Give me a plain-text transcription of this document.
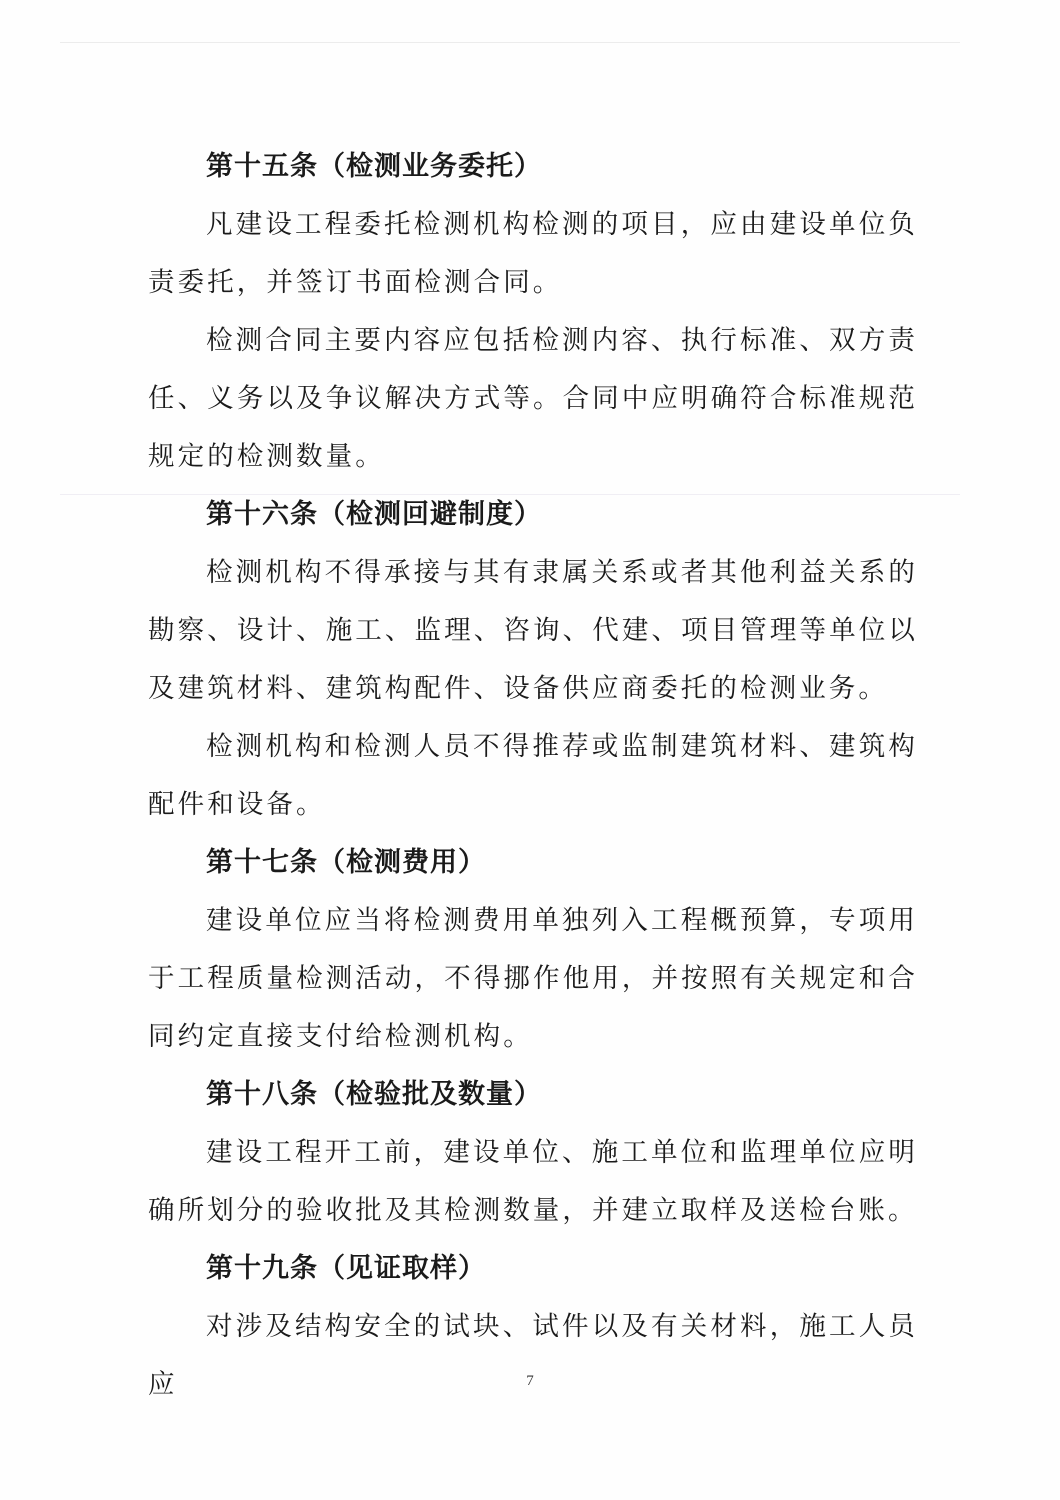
第十五条（检测业务委托）

凡建设工程委托检测机构检测的项目，应由建设单位负责委托，并签订书面检测合同。

检测合同主要内容应包括检测内容、执行标准、双方责任、义务以及争议解决方式等。合同中应明确符合标准规范规定的检测数量。

第十六条（检测回避制度）

检测机构不得承接与其有隶属关系或者其他利益关系的勘察、设计、施工、监理、咨询、代建、项目管理等单位以及建筑材料、建筑构配件、设备供应商委托的检测业务。

检测机构和检测人员不得推荐或监制建筑材料、建筑构配件和设备。

第十七条（检测费用）

建设单位应当将检测费用单独列入工程概预算，专项用于工程质量检测活动，不得挪作他用，并按照有关规定和合同约定直接支付给检测机构。

第十八条（检验批及数量）

建设工程开工前，建设单位、施工单位和监理单位应明确所划分的验收批及其检测数量，并建立取样及送检台账。

第十九条（见证取样）

对涉及结构安全的试块、试件以及有关材料，施工人员应	7
